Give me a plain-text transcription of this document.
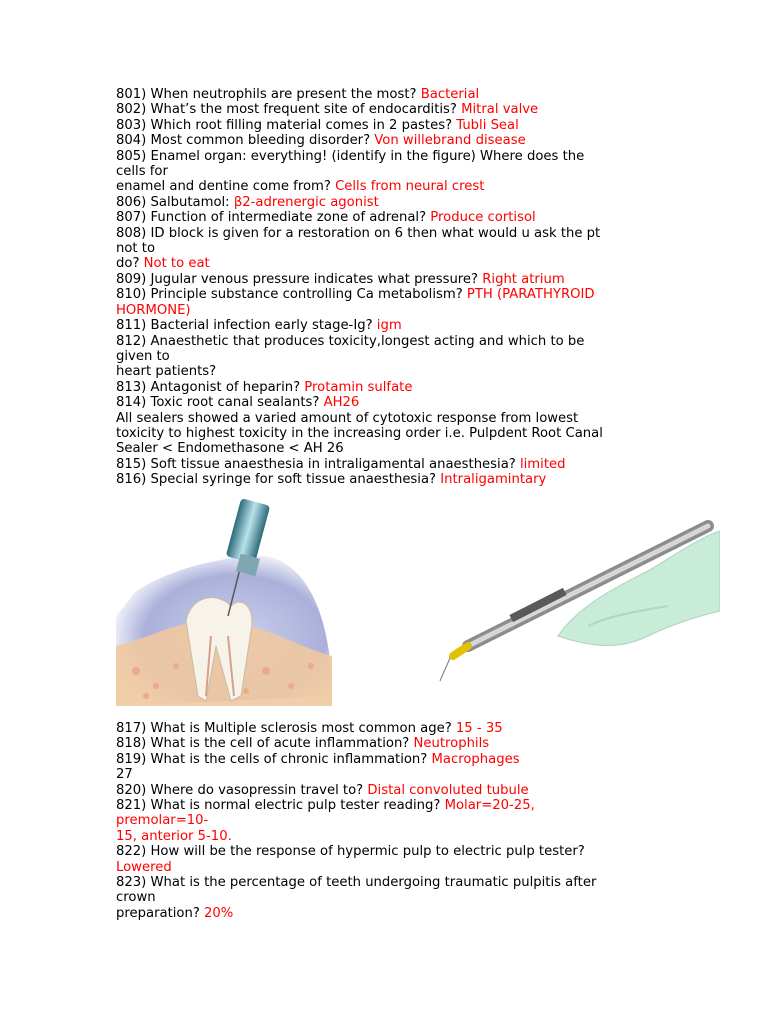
801) When neutrophils are present the most? Bacterial
802) What’s the most frequent site of endocarditis? Mitral valve
803) Which root filling material comes in 2 pastes? Tubli Seal
804) Most common bleeding disorder? Von willebrand disease
805) Enamel organ: everything! (identify in the figure) Where does the
cells for
enamel and dentine come from? Cells from neural crest
806) Salbutamol: β2-adrenergic agonist
807) Function of intermediate zone of adrenal? Produce cortisol
808) ID block is given for a restoration on 6 then what would u ask the pt
not to
do? Not to eat
809) Jugular venous pressure indicates what pressure? Right atrium
810) Principle substance controlling Ca metabolism? PTH (PARATHYROID
HORMONE)
811) Bacterial infection early stage-Ig? igm
812) Anaesthetic that produces toxicity,longest acting and which to be
given to
heart patients?
813) Antagonist of heparin? Protamin sulfate
814) Toxic root canal sealants? AH26
All sealers showed a varied amount of cytotoxic response from lowest
toxicity to highest toxicity in the increasing order i.e. Pulpdent Root Canal
Sealer < Endomethasone < AH 26
815) Soft tissue anaesthesia in intraligamental anaesthesia? limited
816) Special syringe for soft tissue anaesthesia? Intraligamintary
817) What is Multiple sclerosis most common age? 15 - 35
818) What is the cell of acute inflammation? Neutrophils
819) What is the cells of chronic inflammation? Macrophages
27
820) Where do vasopressin travel to? Distal convoluted tubule
821) What is normal electric pulp tester reading? Molar=20-25,
premolar=10-
15, anterior 5-10.
822) How will be the response of hypermic pulp to electric pulp tester?
Lowered
823) What is the percentage of teeth undergoing traumatic pulpitis after
crown
preparation? 20%
